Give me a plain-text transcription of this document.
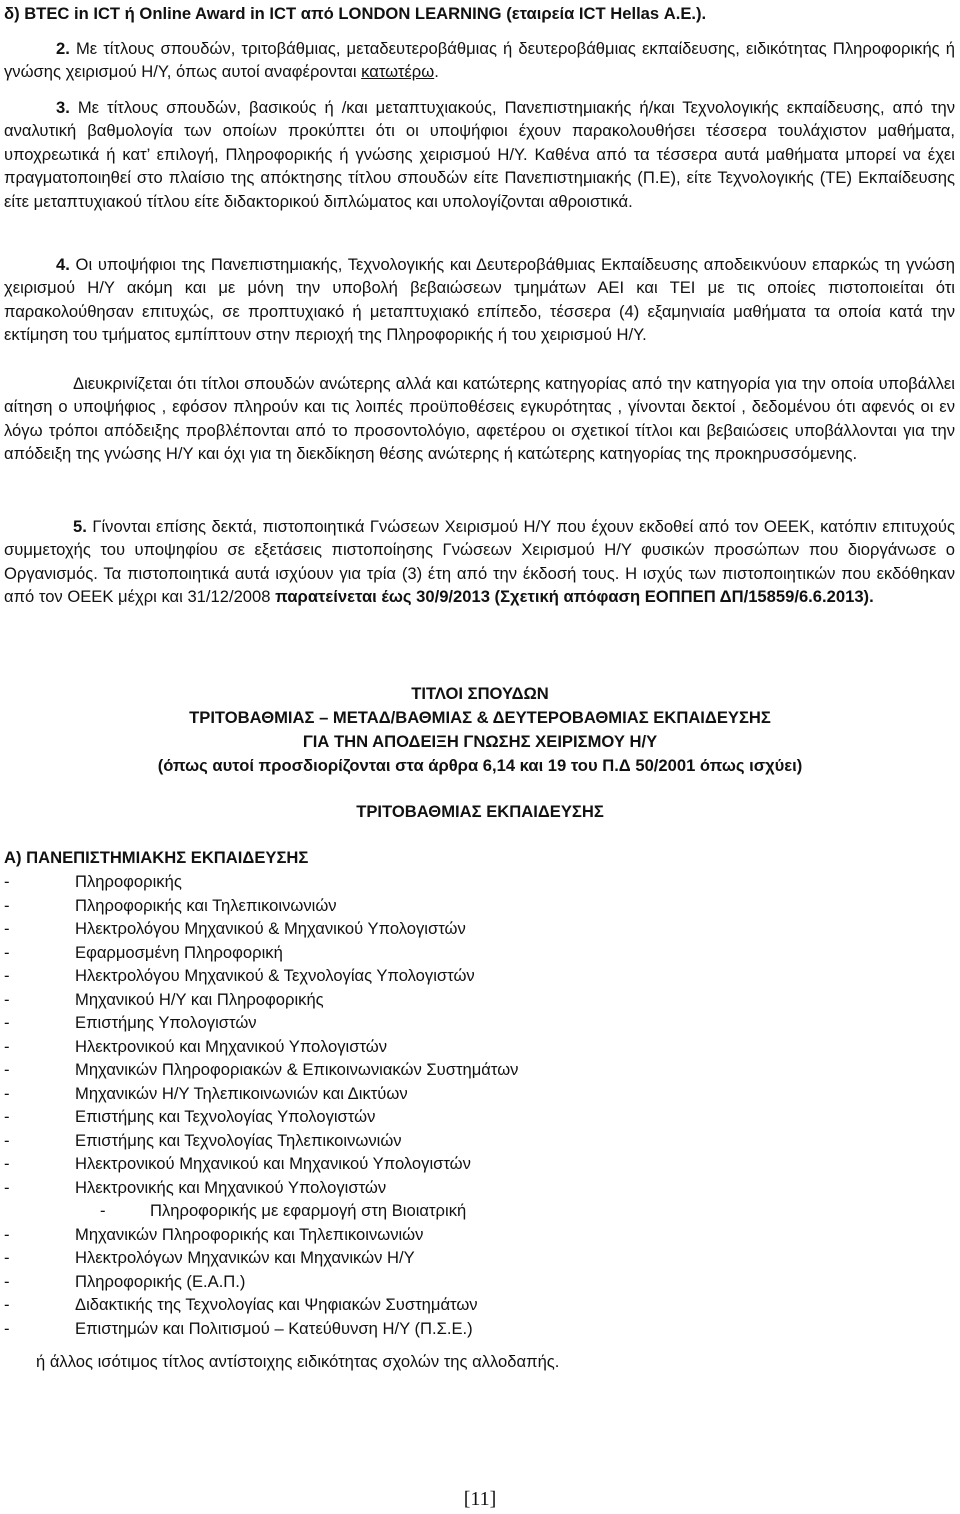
δ) BTEC in ICT ή Online Award in ICT από LONDON LEARNING (εταιρεία ICT Hellas Α.Ε.).

2. Με τίτλους σπουδών, τριτοβάθμιας, μεταδευτεροβάθμιας ή δευτεροβάθμιας εκπαίδευσης, ειδικότητας Πληροφορικής ή γνώσης χειρισμού Η/Υ, όπως αυτοί αναφέρονται κατωτέρω.

3. Με τίτλους σπουδών, βασικούς ή /και μεταπτυχιακούς, Πανεπιστημιακής ή/και Τεχνολογικής εκπαίδευσης, από την αναλυτική βαθμολογία των οποίων προκύπτει ότι οι υποψήφιοι έχουν παρακολουθήσει τέσσερα τουλάχιστον μαθήματα, υποχρεωτικά ή κατ’ επιλογή, Πληροφορικής ή γνώσης χειρισμού Η/Υ. Καθένα από τα τέσσερα αυτά μαθήματα μπορεί να έχει πραγματοποιηθεί στο πλαίσιο της απόκτησης τίτλου σπουδών είτε Πανεπιστημιακής (Π.Ε), είτε Τεχνολογικής (ΤΕ) Εκπαίδευσης είτε μεταπτυχιακού τίτλου είτε διδακτορικού διπλώματος και υπολογίζονται αθροιστικά.

4. Οι υποψήφιοι της Πανεπιστημιακής, Τεχνολογικής και Δευτεροβάθμιας Εκπαίδευσης αποδεικνύουν επαρκώς τη γνώση χειρισμού Η/Υ ακόμη και με μόνη την υποβολή βεβαιώσεων τμημάτων ΑΕΙ και ΤΕΙ με τις οποίες πιστοποιείται ότι παρακολούθησαν επιτυχώς, σε προπτυχιακό ή μεταπτυχιακό επίπεδο, τέσσερα (4) εξαμηνιαία μαθήματα τα οποία κατά την εκτίμηση του τμήματος εμπίπτουν στην περιοχή της Πληροφορικής ή του χειρισμού Η/Υ.

Διευκρινίζεται ότι τίτλοι σπουδών ανώτερης αλλά και κατώτερης κατηγορίας από την κατηγορία για την οποία υποβάλλει αίτηση ο υποψήφιος , εφόσον πληρούν και τις λοιπές προϋποθέσεις εγκυρότητας , γίνονται δεκτοί , δεδομένου ότι αφενός οι εν λόγω τρόποι απόδειξης προβλέπονται από το προσοντολόγιο, αφετέρου οι σχετικοί τίτλοι και βεβαιώσεις υποβάλλονται για την απόδειξη της γνώσης Η/Υ και όχι για τη διεκδίκηση θέσης ανώτερης ή κατώτερης κατηγορίας της προκηρυσσόμενης.

5. Γίνονται επίσης δεκτά, πιστοποιητικά Γνώσεων Χειρισμού Η/Υ που έχουν εκδοθεί από τον ΟΕΕΚ, κατόπιν επιτυχούς συμμετοχής του υποψηφίου σε εξετάσεις πιστοποίησης Γνώσεων Χειρισμού Η/Υ φυσικών προσώπων που διοργάνωσε ο Οργανισμός. Τα πιστοποιητικά αυτά ισχύουν για τρία (3) έτη από την έκδοσή τους. Η ισχύς των πιστοποιητικών που εκδόθηκαν από τον ΟΕΕΚ μέχρι και 31/12/2008 παρατείνεται έως 30/9/2013 (Σχετική απόφαση ΕΟΠΠΕΠ ΔΠ/15859/6.6.2013).

ΤΙΤΛΟΙ ΣΠΟΥΔΩΝ

ΤΡΙΤΟΒΑΘΜΙΑΣ – ΜΕΤΑΔ/ΒΑΘΜΙΑΣ & ΔΕΥΤΕΡΟΒΑΘΜΙΑΣ ΕΚΠΑΙΔΕΥΣΗΣ

ΓΙΑ ΤΗΝ ΑΠΟΔΕΙΞΗ ΓΝΩΣΗΣ ΧΕΙΡΙΣΜΟΥ Η/Υ

(όπως αυτοί προσδιορίζονται στα άρθρα 6,14 και 19 του Π.Δ 50/2001 όπως ισχύει)

ΤΡΙΤΟΒΑΘΜΙΑΣ ΕΚΠΑΙΔΕΥΣΗΣ

Α) ΠΑΝΕΠΙΣΤΗΜΙΑΚΗΣ ΕΚΠΑΙΔΕΥΣΗΣ

-	Πληροφορικής
-	Πληροφορικής και Τηλεπικοινωνιών
-	Ηλεκτρολόγου Μηχανικού & Μηχανικού Υπολογιστών
-	Εφαρμοσμένη Πληροφορική
-	Ηλεκτρολόγου Μηχανικού & Τεχνολογίας Υπολογιστών
-	Μηχανικού Η/Υ και Πληροφορικής
-	Επιστήμης Υπολογιστών
-	Ηλεκτρονικού και Μηχανικού Υπολογιστών
-	Μηχανικών Πληροφοριακών & Επικοινωνιακών Συστημάτων
-	Μηχανικών Η/Υ Τηλεπικοινωνιών και Δικτύων
-	Επιστήμης και Τεχνολογίας Υπολογιστών
-	Επιστήμης και Τεχνολογίας Τηλεπικοινωνιών
-	Ηλεκτρονικού Μηχανικού και Μηχανικού Υπολογιστών
-	Ηλεκτρονικής και Μηχανικού Υπολογιστών
-	Πληροφορικής με εφαρμογή στη Βιοιατρική
-	Μηχανικών Πληροφορικής και Τηλεπικοινωνιών
-	Ηλεκτρολόγων Μηχανικών και Μηχανικών Η/Υ
-	Πληροφορικής (Ε.Α.Π.)
-	Διδακτικής της Τεχνολογίας και Ψηφιακών Συστημάτων
-	Επιστημών και Πολιτισμού – Κατεύθυνση Η/Υ (Π.Σ.Ε.)

ή άλλος ισότιμος τίτλος αντίστοιχης ειδικότητας σχολών της αλλοδαπής.

[11]
